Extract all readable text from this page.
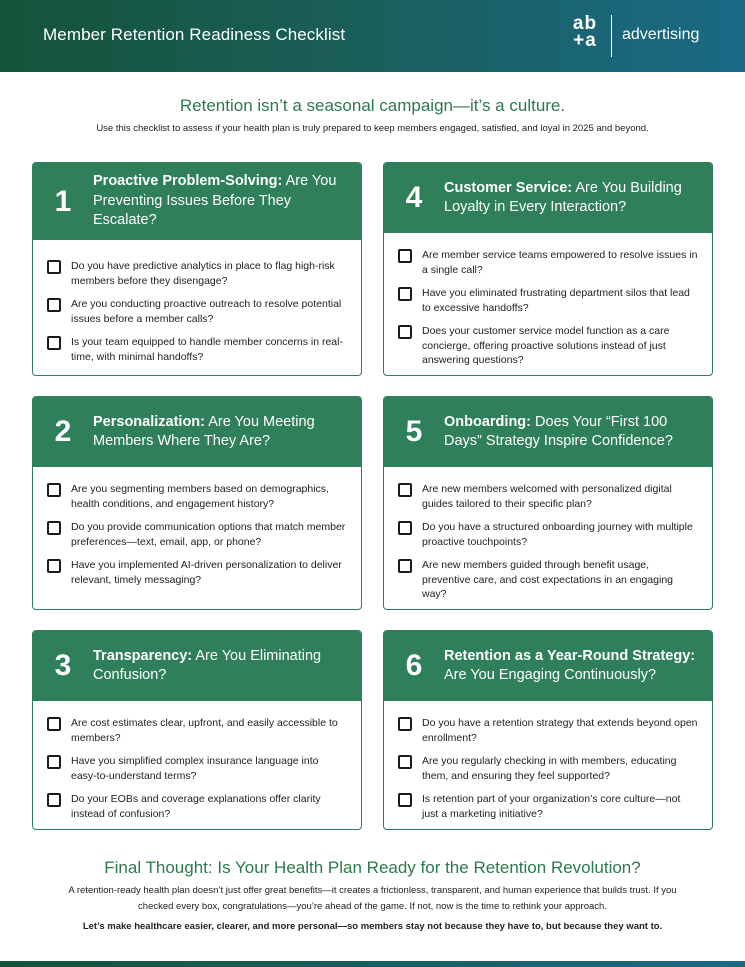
Member Retention Readiness Checklist
ab
+a	advertising
Retention isn’t a seasonal campaign—it’s a culture.
Use this checklist to assess if your health plan is truly prepared to keep members engaged, satisfied, and loyal in 2025 and beyond.
1
Proactive Problem-Solving: Are You Preventing Issues Before They Escalate?
Do you have predictive analytics in place to flag high-risk members before they disengage?
Are you conducting proactive outreach to resolve potential issues before a member calls?
Is your team equipped to handle member concerns in real-time, with minimal handoffs?
4	Customer Service: Are You Building Loyalty in Every Interaction?
Are member service teams empowered to resolve issues in a single call?
Have you eliminated frustrating department silos that lead to excessive handoffs?
Does your customer service model function as a care concierge, offering proactive solutions instead of just answering questions?
2	Personalization: Are You Meeting Members Where They Are?
Are you segmenting members based on demographics, health conditions, and engagement history?
Do you provide communication options that match member preferences—text, email, app, or phone?
Have you implemented AI-driven personalization to deliver relevant, timely messaging?
5	Onboarding: Does Your “First 100 Days” Strategy Inspire Confidence?
Are new members welcomed with personalized digital guides tailored to their specific plan?
Do you have a structured onboarding journey with multiple proactive touchpoints?
Are new members guided through benefit usage, preventive care, and cost expectations in an engaging way?
3	Transparency: Are You Eliminating Confusion?
Are cost estimates clear, upfront, and easily accessible to members?
Have you simplified complex insurance language into easy-to-understand terms?
Do your EOBs and coverage explanations offer clarity instead of confusion?
6	Retention as a Year-Round Strategy: Are You Engaging Continuously?
Do you have a retention strategy that extends beyond open enrollment?
Are you regularly checking in with members, educating them, and ensuring they feel supported?
Is retention part of your organization’s core culture—not just a marketing initiative?
Final Thought: Is Your Health Plan Ready for the Retention Revolution?
A retention-ready health plan doesn’t just offer great benefits—it creates a frictionless, transparent, and human experience that builds trust. If you checked every box, congratulations—you’re ahead of the game. If not, now is the time to rethink your approach.
Let’s make healthcare easier, clearer, and more personal—so members stay not because they have to, but because they want to.
